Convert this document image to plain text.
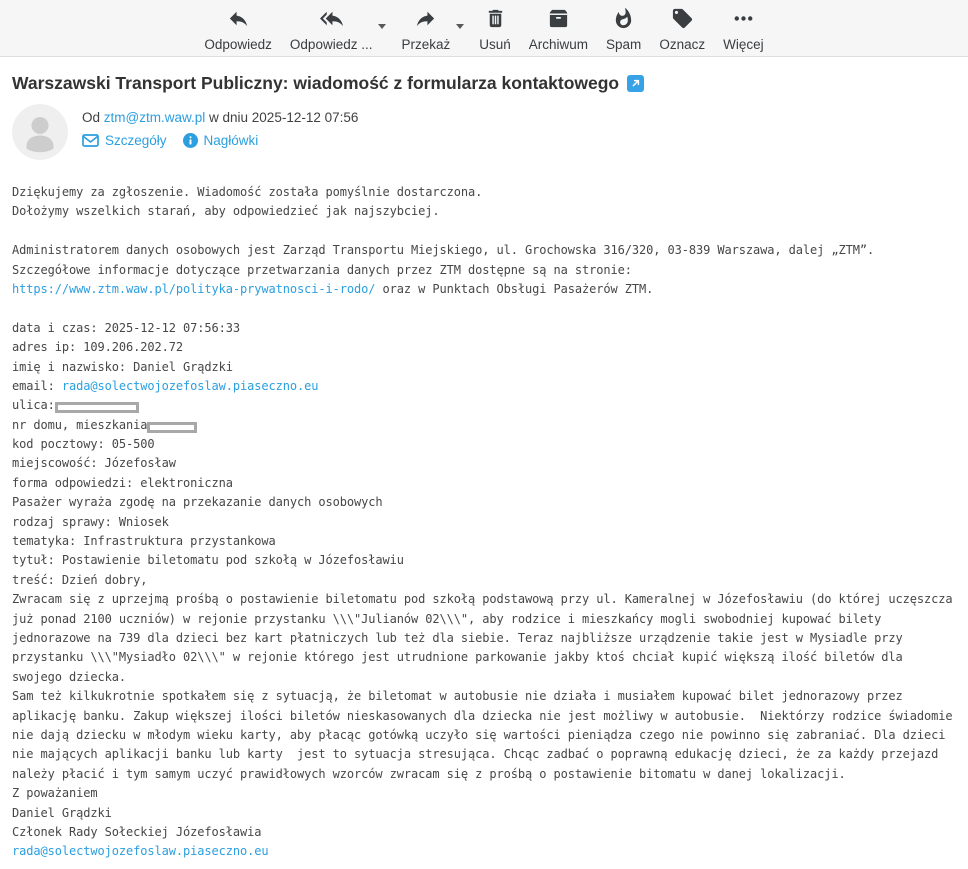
Odpowiedz Odpowiedz ... Przekaż Usuń Archiwum Spam Oznacz Więcej
Warszawski Transport Publiczny: wiadomość z formularza kontaktowego
Od ztm@ztm.waw.pl w dniu 2025-12-12 07:56
Szczegóły	Nagłówki
Dziękujemy za zgłoszenie. Wiadomość została pomyślnie dostarczona.
Dołożymy wszelkich starań, aby odpowiedzieć jak najszybciej.
Administratorem danych osobowych jest Zarząd Transportu Miejskiego, ul. Grochowska 316/320, 03-839 Warszawa, dalej „ZTM”.
Szczegółowe informacje dotyczące przetwarzania danych przez ZTM dostępne są na stronie:
https://www.ztm.waw.pl/polityka-prywatnosci-i-rodo/ oraz w Punktach Obsługi Pasażerów ZTM.
data i czas: 2025-12-12 07:56:33
adres ip: 109.206.202.72
imię i nazwisko: Daniel Grądzki
email: rada@solectwojozefoslaw.piaseczno.eu
ulica:
nr domu, mieszkania
kod pocztowy: 05-500
miejscowość: Józefosław
forma odpowiedzi: elektroniczna
Pasażer wyraża zgodę na przekazanie danych osobowych
rodzaj sprawy: Wniosek
tematyka: Infrastruktura przystankowa
tytuł: Postawienie biletomatu pod szkołą w Józefosławiu
treść: Dzień dobry,
Zwracam się z uprzejmą prośbą o postawienie biletomatu pod szkołą podstawową przy ul. Kameralnej w Józefosławiu (do której uczęszcza
już ponad 2100 uczniów) w rejonie przystanku \\\"Julianów 02\\\", aby rodzice i mieszkańcy mogli swobodniej kupować bilety
jednorazowe na 739 dla dzieci bez kart płatniczych lub też dla siebie. Teraz najbliższe urządzenie takie jest w Mysiadle przy
przystanku \\\"Mysiadło 02\\\" w rejonie którego jest utrudnione parkowanie jakby ktoś chciał kupić większą ilość biletów dla
swojego dziecka.
Sam też kilkukrotnie spotkałem się z sytuacją, że biletomat w autobusie nie działa i musiałem kupować bilet jednorazowy przez
aplikację banku. Zakup większej ilości biletów nieskasowanych dla dziecka nie jest możliwy w autobusie.  Niektórzy rodzice świadomie
nie dają dziecku w młodym wieku karty, aby płacąc gotówką uczyło się wartości pieniądza czego nie powinno się zabraniać. Dla dzieci
nie mających aplikacji banku lub karty  jest to sytuacja stresująca. Chcąc zadbać o poprawną edukację dzieci, że za każdy przejazd
należy płacić i tym samym uczyć prawidłowych wzorców zwracam się z prośbą o postawienie bitomatu w danej lokalizacji.
Z poważaniem
Daniel Grądzki
Członek Rady Sołeckiej Józefosławia
rada@solectwojozefoslaw.piaseczno.eu
